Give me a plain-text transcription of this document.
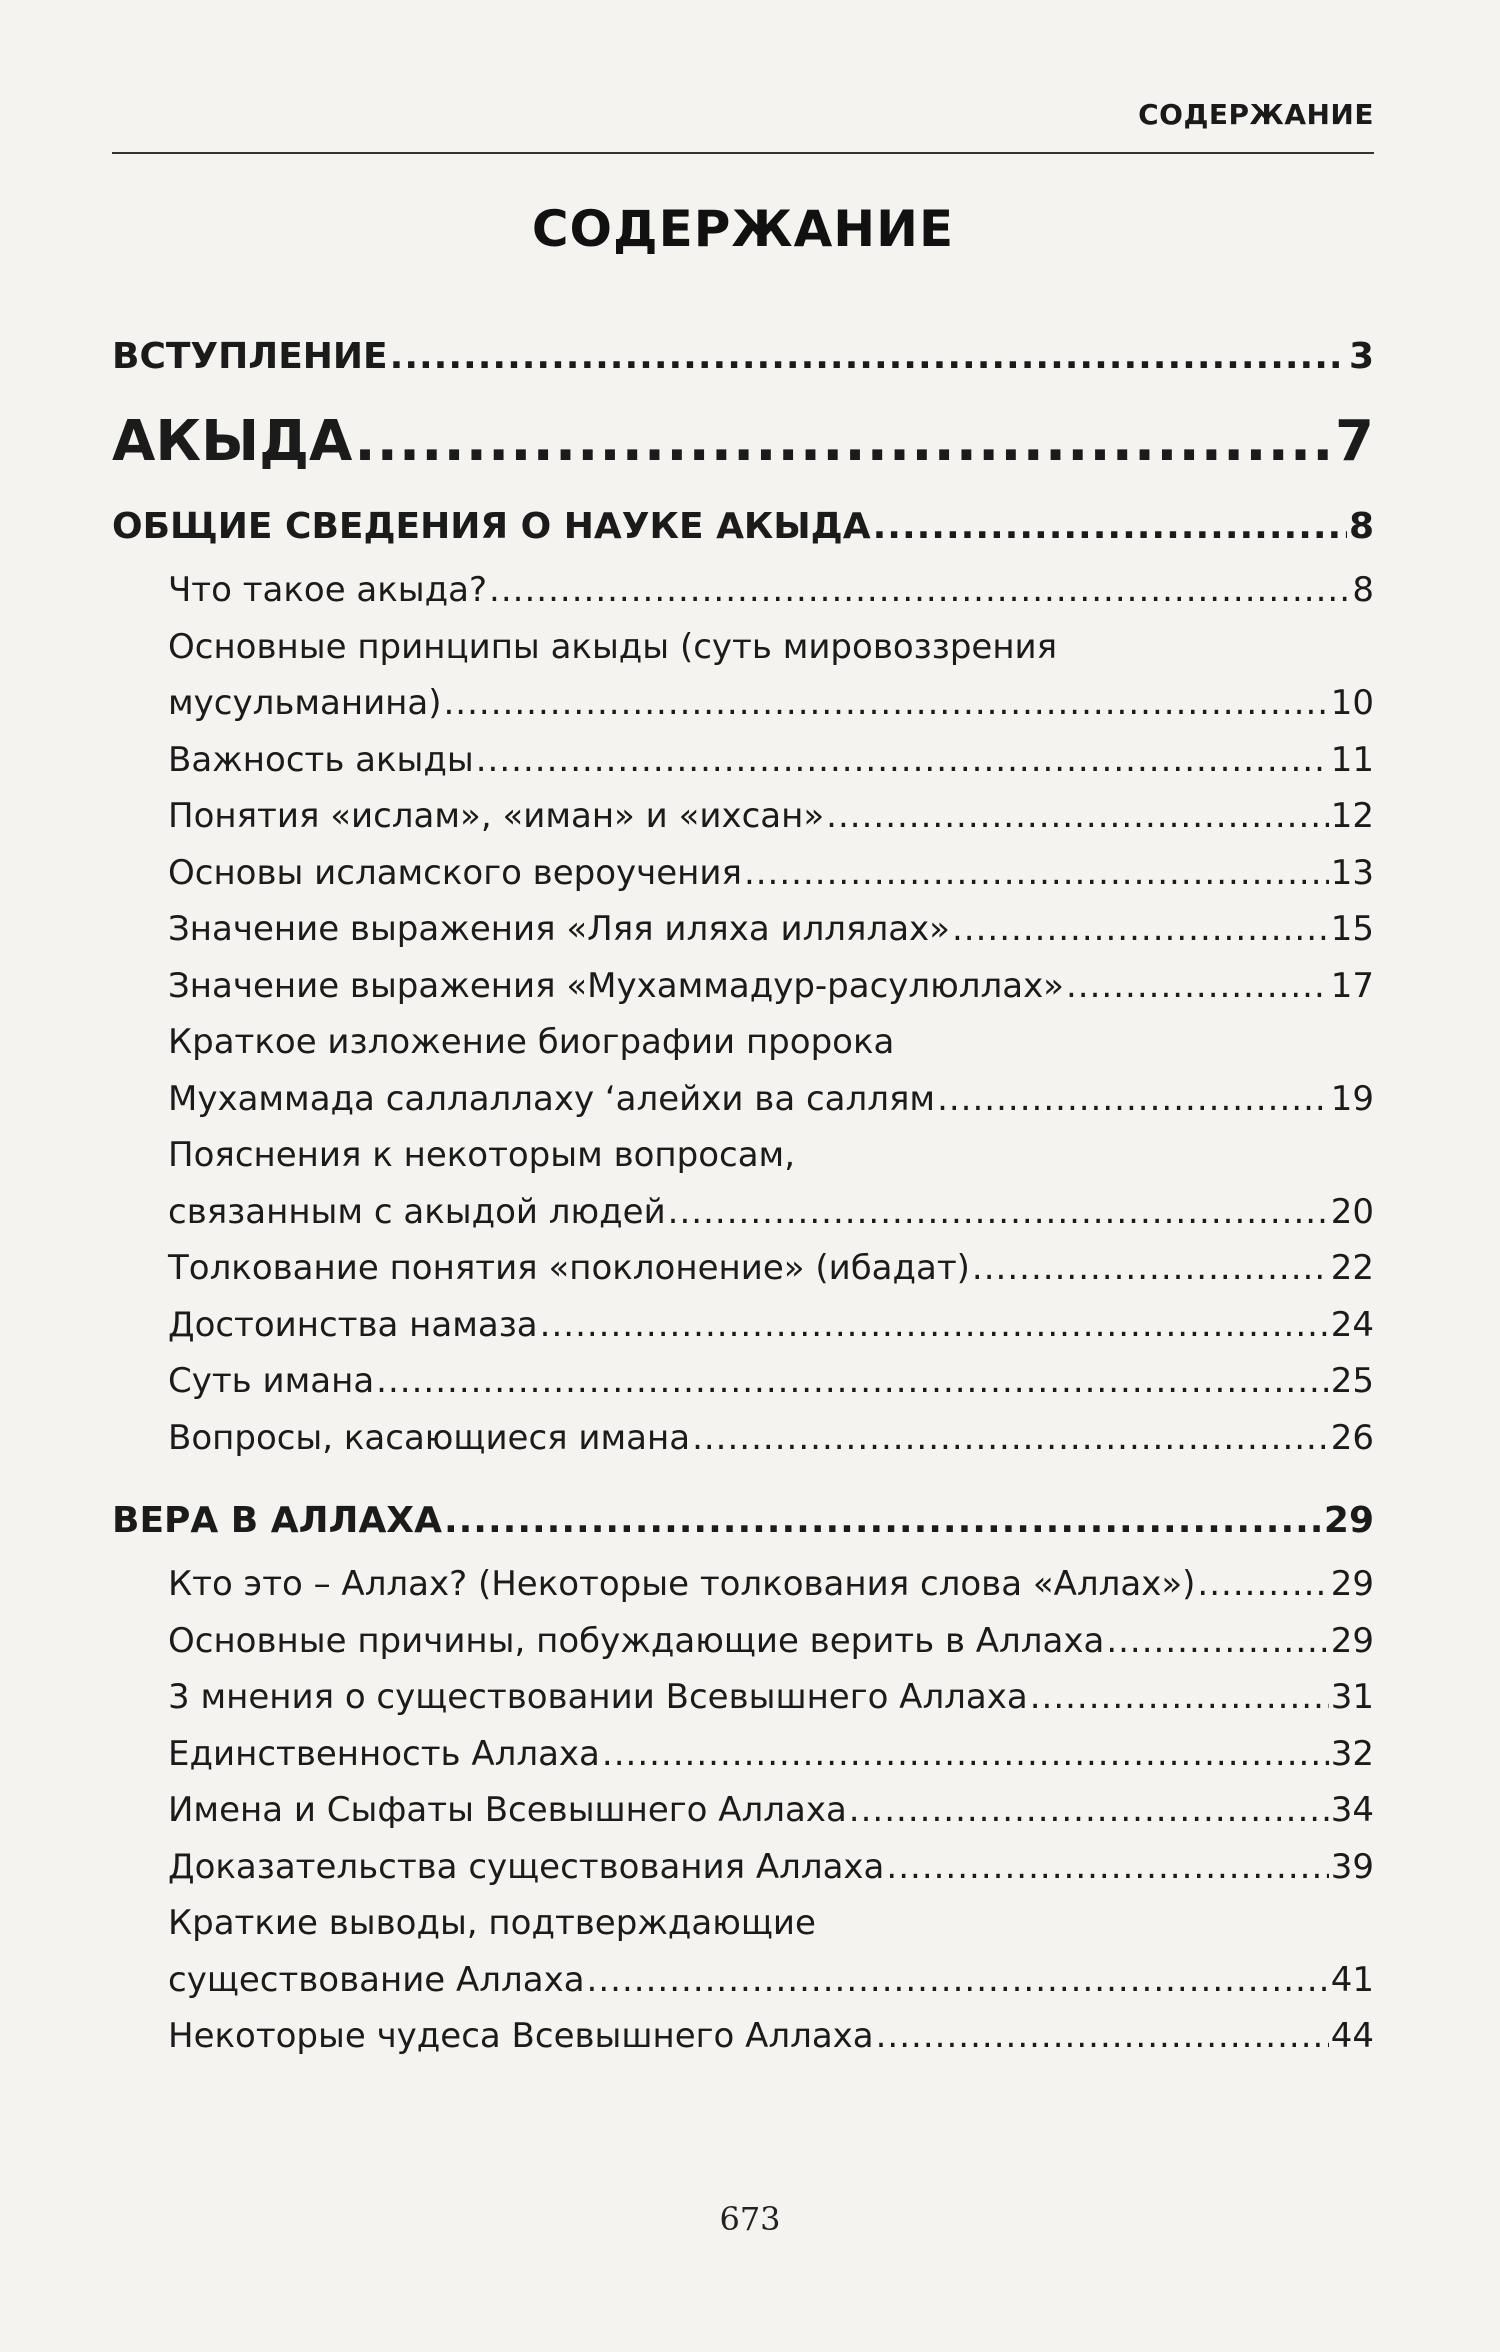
СОДЕРЖАНИЕ
СОДЕРЖАНИЕ
ВСТУПЛЕНИЕ .....	3
АКЫДА .....	7
ОБЩИЕ СВЕДЕНИЯ О НАУКЕ АКЫДА .....	8
Что такое акыда? .....	8
Основные принципы акыды (суть мировоззрения
мусульманина) .....	10
Важность акыды .....	11
Понятия «ислам», «иман» и «ихсан» .....	12
Основы исламского вероучения .....	13
Значение выражения «Ляя иляха иллялах» .....	15
Значение выражения «Мухаммадур-расулюллах» .....	17
Краткое изложение биографии пророка
Мухаммада саллаллаху ‘алейхи ва саллям .....	19
Пояснения к некоторым вопросам,
связанным с акыдой людей .....	20
Толкование понятия «поклонение» (ибадат) .....	22
Достоинства намаза .....	24
Суть имана .....	25
Вопросы, касающиеся имана .....	26
ВЕРА В АЛЛАХА .....	29
Кто это – Аллах? (Некоторые толкования слова «Аллах») .....	29
Основные причины, побуждающие верить в Аллаха .....	29
3 мнения о существовании Всевышнего Аллаха .....	31
Единственность Аллаха .....	32
Имена и Сыфаты Всевышнего Аллаха .....	34
Доказательства существования Аллаха .....	39
Краткие выводы, подтверждающие
существование Аллаха .....	41
Некоторые чудеса Всевышнего Аллаха .....	44
673
